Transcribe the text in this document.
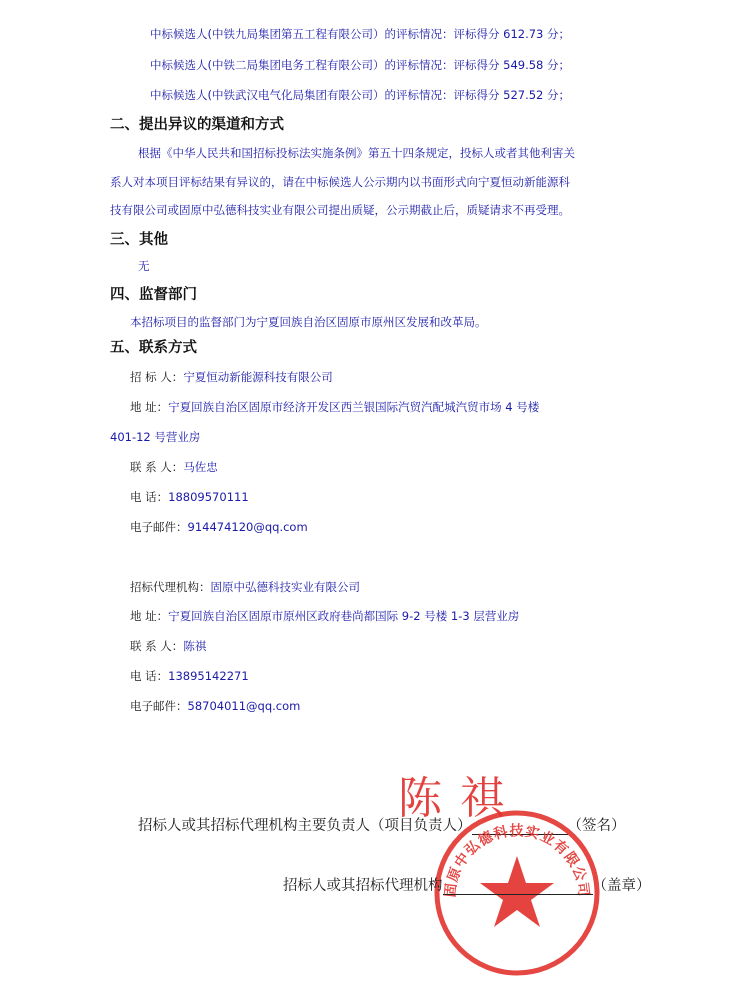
中标候选人(中铁九局集团第五工程有限公司）的评标情况：评标得分 612.73 分；
中标候选人(中铁二局集团电务工程有限公司）的评标情况：评标得分 549.58 分；
中标候选人(中铁武汉电气化局集团有限公司）的评标情况：评标得分 527.52 分；
二、提出异议的渠道和方式
根据《中华人民共和国招标投标法实施条例》第五十四条规定，投标人或者其他利害关
系人对本项目评标结果有异议的，请在中标候选人公示期内以书面形式向宁夏恒动新能源科
技有限公司或固原中弘德科技实业有限公司提出质疑，公示期截止后，质疑请求不再受理。
三、其他
无
四、监督部门
本招标项目的监督部门为宁夏回族自治区固原市原州区发展和改革局。
五、联系方式
招 标 人：宁夏恒动新能源科技有限公司
地 址：宁夏回族自治区固原市经济开发区西兰银国际汽贸汽配城汽贸市场 4 号楼
401-12 号营业房
联 系 人：马佐忠
电 话：18809570111
电子邮件：914474120@qq.com
招标代理机构：固原中弘德科技实业有限公司
地 址：宁夏回族自治区固原市原州区政府巷尚都国际 9-2 号楼 1-3 层营业房
联 系 人：陈祺
电 话：13895142271
电子邮件：58704011@qq.com
陈 祺
招标人或其招标代理机构主要负责人（项目负责人）	（签名）
固原中弘德科技实业有限公司
招标人或其招标代理机构	（盖章）
